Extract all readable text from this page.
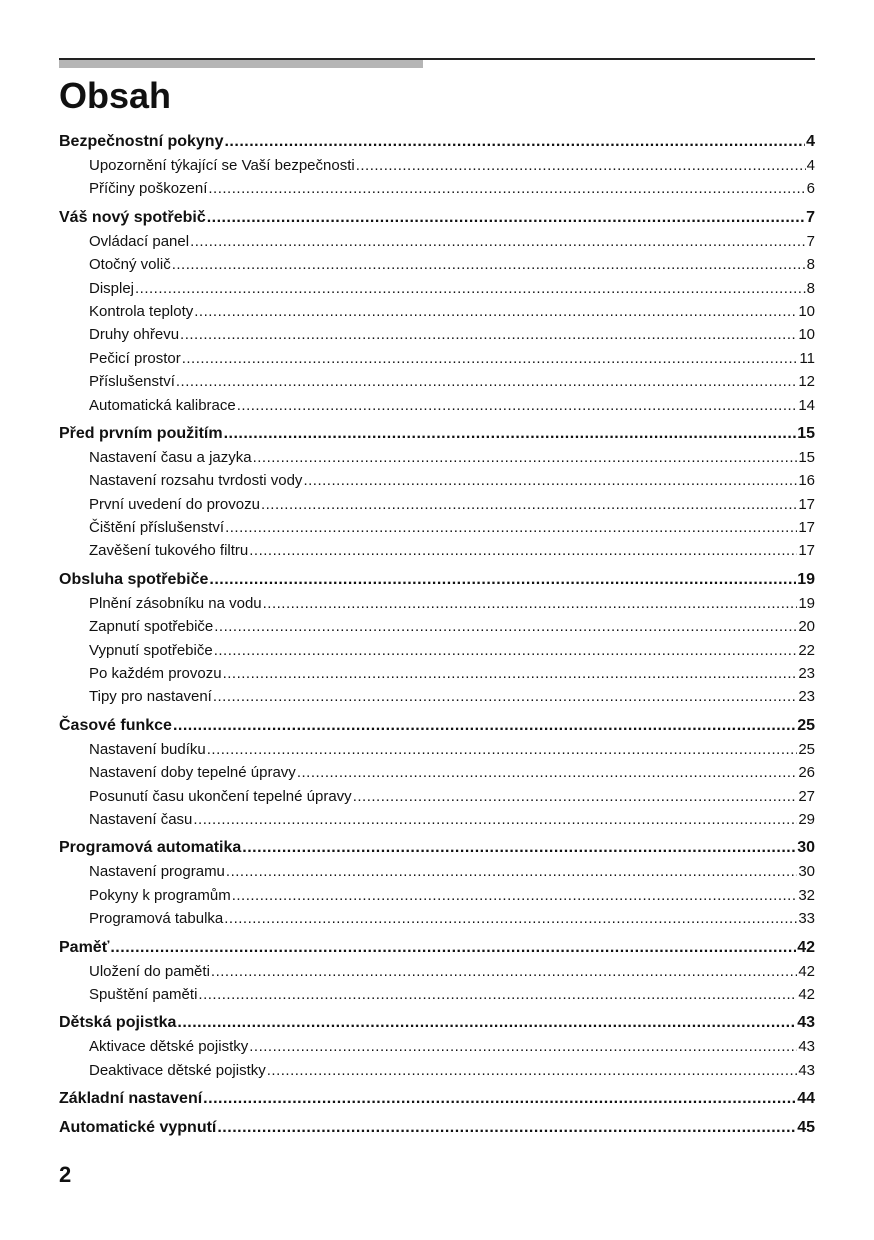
Obsah
Bezpečnostní pokyny .....	4
Upozornění týkající se Vaší bezpečnosti .....	4
Příčiny poškození .....	6
Váš nový spotřebič .....	7
Ovládací panel .....	7
Otočný volič .....	8
Displej .....	8
Kontrola teploty .....	10
Druhy ohřevu .....	10
Pečicí prostor .....	11
Příslušenství .....	12
Automatická kalibrace .....	14
Před prvním použitím .....	15
Nastavení času a jazyka .....	15
Nastavení rozsahu tvrdosti vody .....	16
První uvedení do provozu .....	17
Čištění příslušenství .....	17
Zavěšení tukového filtru .....	17
Obsluha spotřebiče .....	19
Plnění zásobníku na vodu .....	19
Zapnutí spotřebiče .....	20
Vypnutí spotřebiče .....	22
Po každém provozu .....	23
Tipy pro nastavení .....	23
Časové funkce .....	25
Nastavení budíku .....	25
Nastavení doby tepelné úpravy .....	26
Posunutí času ukončení tepelné úpravy .....	27
Nastavení času .....	29
Programová automatika .....	30
Nastavení programu .....	30
Pokyny k programům .....	32
Programová tabulka .....	33
Paměť .....	42
Uložení do paměti .....	42
Spuštění paměti .....	42
Dětská pojistka .....	43
Aktivace dětské pojistky .....	43
Deaktivace dětské pojistky .....	43
Základní nastavení .....	44
Automatické vypnutí .....	45
2
